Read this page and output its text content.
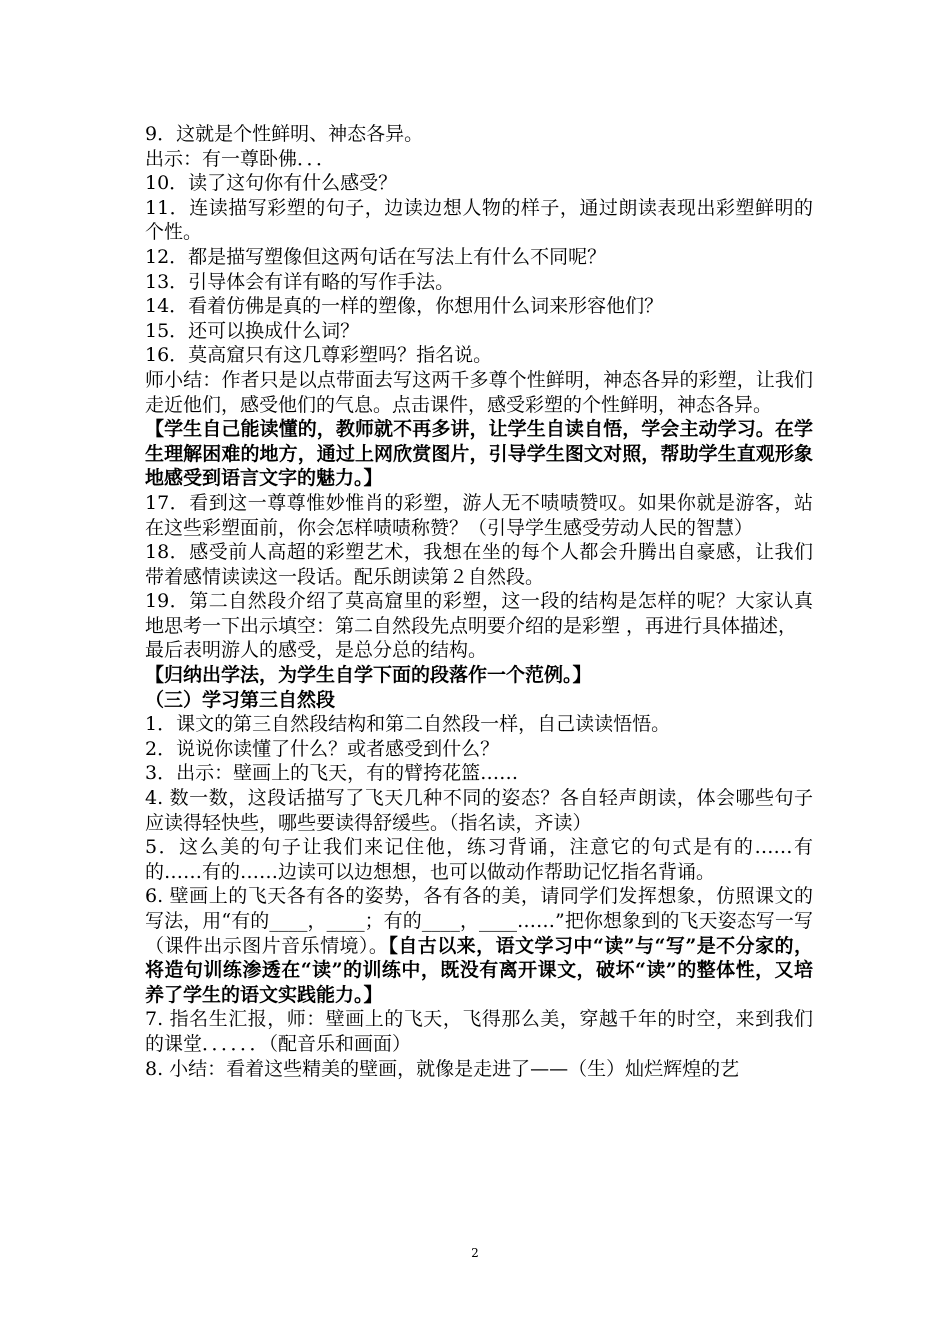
9．这就是个性鲜明、神态各异。

出示：有一尊卧佛．．．

10．读了这句你有什么感受？

11．连读描写彩塑的句子，边读边想人物的样子，通过朗读表现出彩塑鲜明的个性。

12．都是描写塑像但这两句话在写法上有什么不同呢？

13．引导体会有详有略的写作手法。

14．看着仿佛是真的一样的塑像，你想用什么词来形容他们？

15．还可以换成什么词？

16．莫高窟只有这几尊彩塑吗？指名说。

师小结：作者只是以点带面去写这两千多尊个性鲜明，神态各异的彩塑，让我们走近他们，感受他们的气息。点击课件，感受彩塑的个性鲜明，神态各异。

【学生自己能读懂的，教师就不再多讲，让学生自读自悟，学会主动学习。在学生理解困难的地方，通过上网欣赏图片，引导学生图文对照，帮助学生直观形象地感受到语言文字的魅力。】

17．看到这一尊尊惟妙惟肖的彩塑，游人无不啧啧赞叹。如果你就是游客，站在这些彩塑面前，你会怎样啧啧称赞？（引导学生感受劳动人民的智慧）

18．感受前人高超的彩塑艺术，我想在坐的每个人都会升腾出自豪感，让我们带着感情读读这一段话。配乐朗读第２自然段。

19．第二自然段介绍了莫高窟里的彩塑，这一段的结构是怎样的呢？大家认真地思考一下出示填空：第二自然段先点明要介绍的是彩塑 ，再进行具体描述，

最后表明游人的感受，是总分总的结构。

【归纳出学法，为学生自学下面的段落作一个范例。】

（三）学习第三自然段

1．课文的第三自然段结构和第二自然段一样，自己读读悟悟。

2．说说你读懂了什么？或者感受到什么？

3．出示：壁画上的飞天，有的臂挎花篮……

4. 数一数，这段话描写了飞天几种不同的姿态？各自轻声朗读，体会哪些句子应读得轻快些，哪些要读得舒缓些。（指名读，齐读）

5．这么美的句子让我们来记住他，练习背诵，注意它的句式是有的……有的……有的……边读可以边想想，也可以做动作帮助记忆指名背诵。

6. 壁画上的飞天各有各的姿势，各有各的美，请同学们发挥想象，仿照课文的写法，用“有的____，____；有的____，____……”把你想象到的飞天姿态写一写（课件出示图片音乐情境）。【自古以来，语文学习中“读”与“写”是不分家的，将造句训练渗透在“读”的训练中，既没有离开课文，破坏“读”的整体性，又培养了学生的语文实践能力。】

7. 指名生汇报，师：壁画上的飞天，飞得那么美，穿越千年的时空，来到我们的课堂．．．．．．（配音乐和画面）

8. 小结：看着这些精美的壁画，就像是走进了——（生）灿烂辉煌的艺

2
